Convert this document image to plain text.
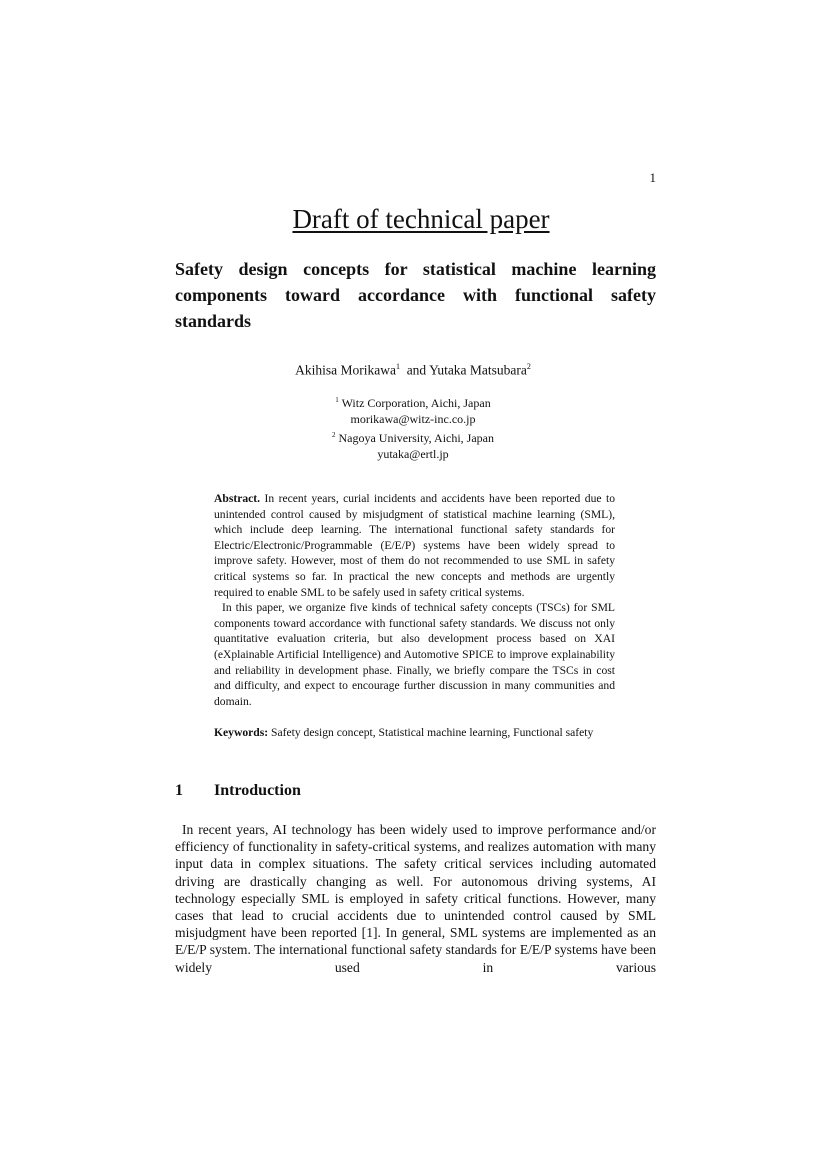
1
Draft of technical paper
Safety design concepts for statistical machine learning components toward accordance with functional safety standards
Akihisa Morikawa$^1$ and Yutaka Matsubara$^2$
$^1$ Witz Corporation, Aichi, Japan
morikawa@witz-inc.co.jp
$^2$ Nagoya University, Aichi, Japan
yutaka@ertl.jp

Abstract. In recent years, curial incidents and accidents have been reported due to unintended control caused by misjudgment of statistical machine learning (SML), which include deep learning. The international functional safety standards for Electric/Electronic/Programmable (E/E/P) systems have been widely spread to improve safety. However, most of them do not recommended to use SML in safety critical systems so far. In practical the new concepts and methods are urgently required to enable SML to be safely used in safety critical systems.

In this paper, we organize five kinds of technical safety concepts (TSCs) for SML components toward accordance with functional safety standards. We discuss not only quantitative evaluation criteria, but also development process based on XAI (eXplainable Artificial Intelligence) and Automotive SPICE to improve explainability and reliability in development phase. Finally, we briefly compare the TSCs in cost and difficulty, and expect to encourage further discussion in many communities and domain.

Keywords: Safety design concept, Statistical machine learning, Functional safety
1 Introduction

In recent years, AI technology has been widely used to improve performance and/or efficiency of functionality in safety-critical systems, and realizes automation with many input data in complex situations. The safety critical services including automated driving are drastically changing as well. For autonomous driving systems, AI technology especially SML is employed in safety critical functions. However, many cases that lead to crucial accidents due to unintended control caused by SML misjudgment have been reported [1]. In general, SML systems are implemented as an E/E/P system. The international functional safety standards for E/E/P systems have been widely used in various
